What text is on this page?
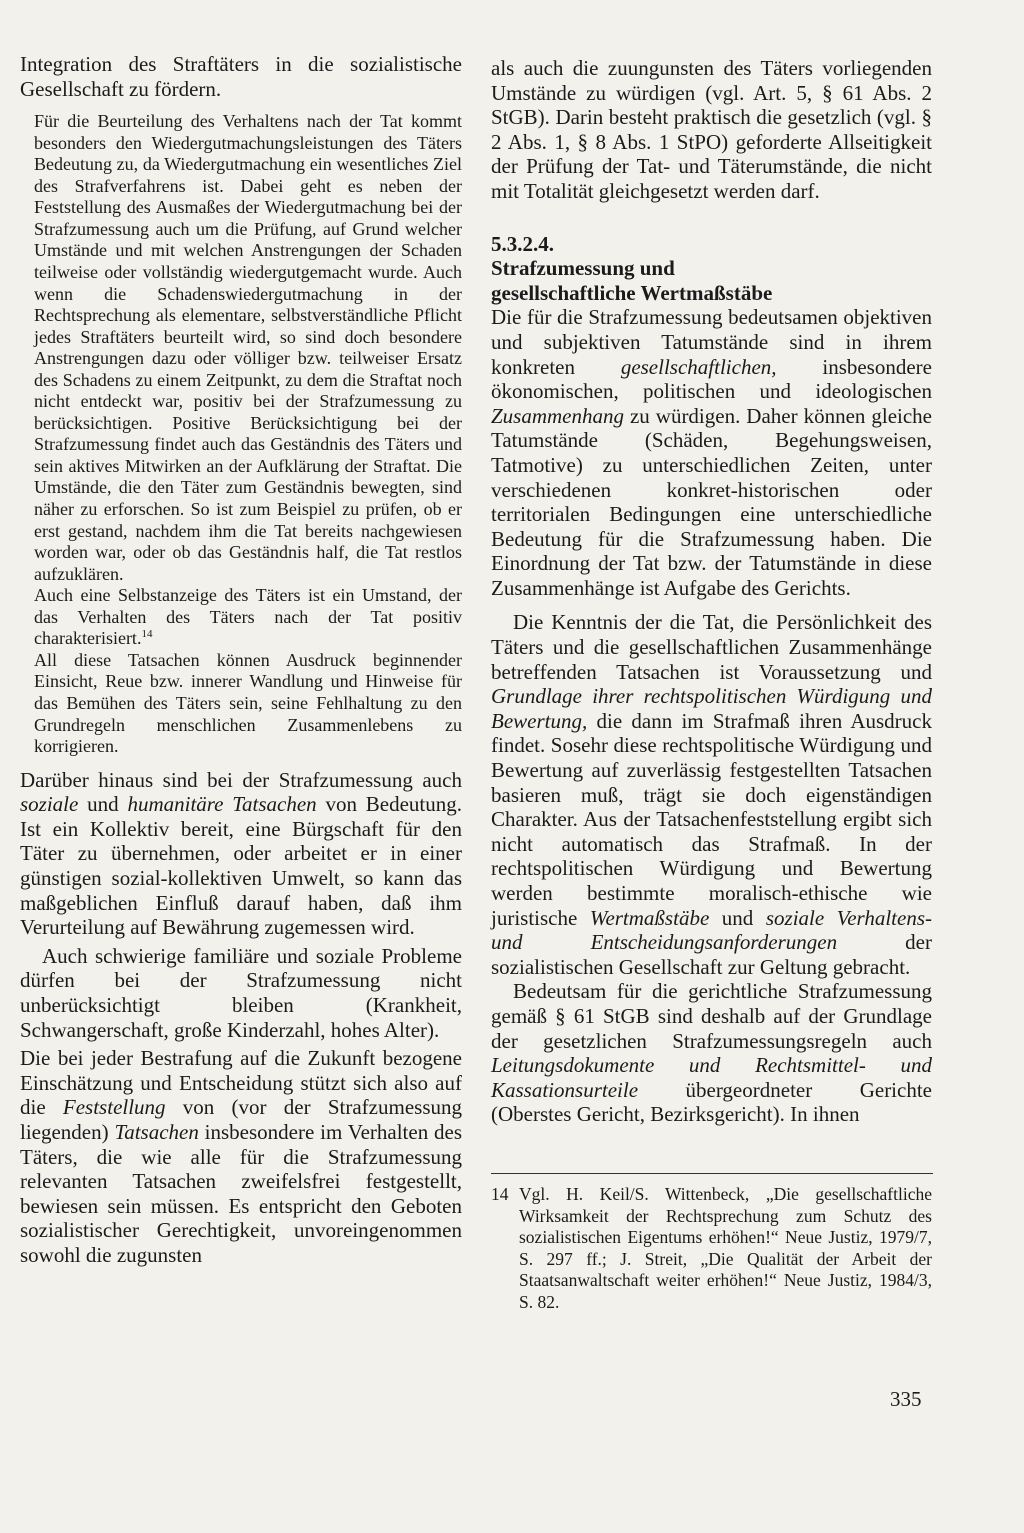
Integration des Straftäters in die sozialistische Gesellschaft zu fördern.

Für die Beurteilung des Verhaltens nach der Tat kommt besonders den Wiedergutmachungsleistungen des Täters Bedeutung zu, da Wiedergutmachung ein wesentliches Ziel des Strafverfahrens ist. Dabei geht es neben der Feststellung des Ausmaßes der Wiedergutmachung bei der Strafzumessung auch um die Prüfung, auf Grund welcher Umstände und mit welchen Anstrengungen der Schaden teilweise oder vollständig wiedergutgemacht wurde. Auch wenn die Schadenswiedergutmachung in der Rechtsprechung als elementare, selbstverständliche Pflicht jedes Straftäters beurteilt wird, so sind doch besondere Anstrengungen dazu oder völliger bzw. teilweiser Ersatz des Schadens zu einem Zeitpunkt, zu dem die Straftat noch nicht entdeckt war, positiv bei der Strafzumessung zu berücksichtigen. Positive Berücksichtigung bei der Strafzumessung findet auch das Geständnis des Täters und sein aktives Mitwirken an der Aufklärung der Straftat. Die Umstände, die den Täter zum Geständnis bewegten, sind näher zu erforschen. So ist zum Beispiel zu prüfen, ob er erst gestand, nachdem ihm die Tat bereits nachgewiesen worden war, oder ob das Geständnis half, die Tat restlos aufzuklären.

Auch eine Selbstanzeige des Täters ist ein Umstand, der das Verhalten des Täters nach der Tat positiv charakterisiert.$^{14}$

All diese Tatsachen können Ausdruck beginnender Einsicht, Reue bzw. innerer Wandlung und Hinweise für das Bemühen des Täters sein, seine Fehlhaltung zu den Grundregeln menschlichen Zusammenlebens zu korrigieren.

Darüber hinaus sind bei der Strafzumessung auch soziale und humanitäre Tatsachen von Bedeutung. Ist ein Kollektiv bereit, eine Bürgschaft für den Täter zu übernehmen, oder arbeitet er in einer günstigen sozial-kollektiven Umwelt, so kann das maßgeblichen Einfluß darauf haben, daß ihm Verurteilung auf Bewährung zugemessen wird.

Auch schwierige familiäre und soziale Probleme dürfen bei der Strafzumessung nicht unberücksichtigt bleiben (Krankheit, Schwangerschaft, große Kinderzahl, hohes Alter).

Die bei jeder Bestrafung auf die Zukunft bezogene Einschätzung und Entscheidung stützt sich also auf die Feststellung von (vor der Strafzumessung liegenden) Tatsachen insbesondere im Verhalten des Täters, die wie alle für die Strafzumessung relevanten Tatsachen zweifelsfrei festgestellt, bewiesen sein müssen. Es entspricht den Geboten sozialistischer Gerechtigkeit, unvoreingenommen sowohl die zugunsten

als auch die zuungunsten des Täters vorliegenden Umstände zu würdigen (vgl. Art. 5, § 61 Abs. 2 StGB). Darin besteht praktisch die gesetzlich (vgl. § 2 Abs. 1, § 8 Abs. 1 StPO) geforderte Allseitigkeit der Prüfung der Tat- und Täterumstände, die nicht mit Totalität gleichgesetzt werden darf.

5.3.2.4.
Strafzumessung und
gesellschaftliche Wertmaßstäbe

Die für die Strafzumessung bedeutsamen objektiven und subjektiven Tatumstände sind in ihrem konkreten gesellschaftlichen, insbesondere ökonomischen, politischen und ideologischen Zusammenhang zu würdigen. Daher können gleiche Tatumstände (Schäden, Begehungsweisen, Tatmotive) zu unterschiedlichen Zeiten, unter verschiedenen konkret-historischen oder territorialen Bedingungen eine unterschiedliche Bedeutung für die Strafzumessung haben. Die Einordnung der Tat bzw. der Tatumstände in diese Zusammenhänge ist Aufgabe des Gerichts.

Die Kenntnis der die Tat, die Persönlichkeit des Täters und die gesellschaftlichen Zusammenhänge betreffenden Tatsachen ist Voraussetzung und Grundlage ihrer rechtspolitischen Würdigung und Bewertung, die dann im Strafmaß ihren Ausdruck findet. Sosehr diese rechtspolitische Würdigung und Bewertung auf zuverlässig festgestellten Tatsachen basieren muß, trägt sie doch eigenständigen Charakter. Aus der Tatsachenfeststellung ergibt sich nicht automatisch das Strafmaß. In der rechtspolitischen Würdigung und Bewertung werden bestimmte moralisch-ethische wie juristische Wertmaßstäbe und soziale Verhaltens- und Entscheidungsanforderungen der sozialistischen Gesellschaft zur Geltung gebracht.

Bedeutsam für die gerichtliche Strafzumessung gemäß § 61 StGB sind deshalb auf der Grundlage der gesetzlichen Strafzumessungsregeln auch Leitungsdokumente und Rechtsmittel- und Kassationsurteile übergeordneter Gerichte (Oberstes Gericht, Bezirksgericht). In ihnen

14 Vgl. H. Keil/S. Wittenbeck, „Die gesellschaftliche Wirksamkeit der Rechtsprechung zum Schutz des sozialistischen Eigentums erhöhen!“ Neue Justiz, 1979/7, S. 297 ff.; J. Streit, „Die Qualität der Arbeit der Staatsanwaltschaft weiter erhöhen!“ Neue Justiz, 1984/3, S. 82.

335
